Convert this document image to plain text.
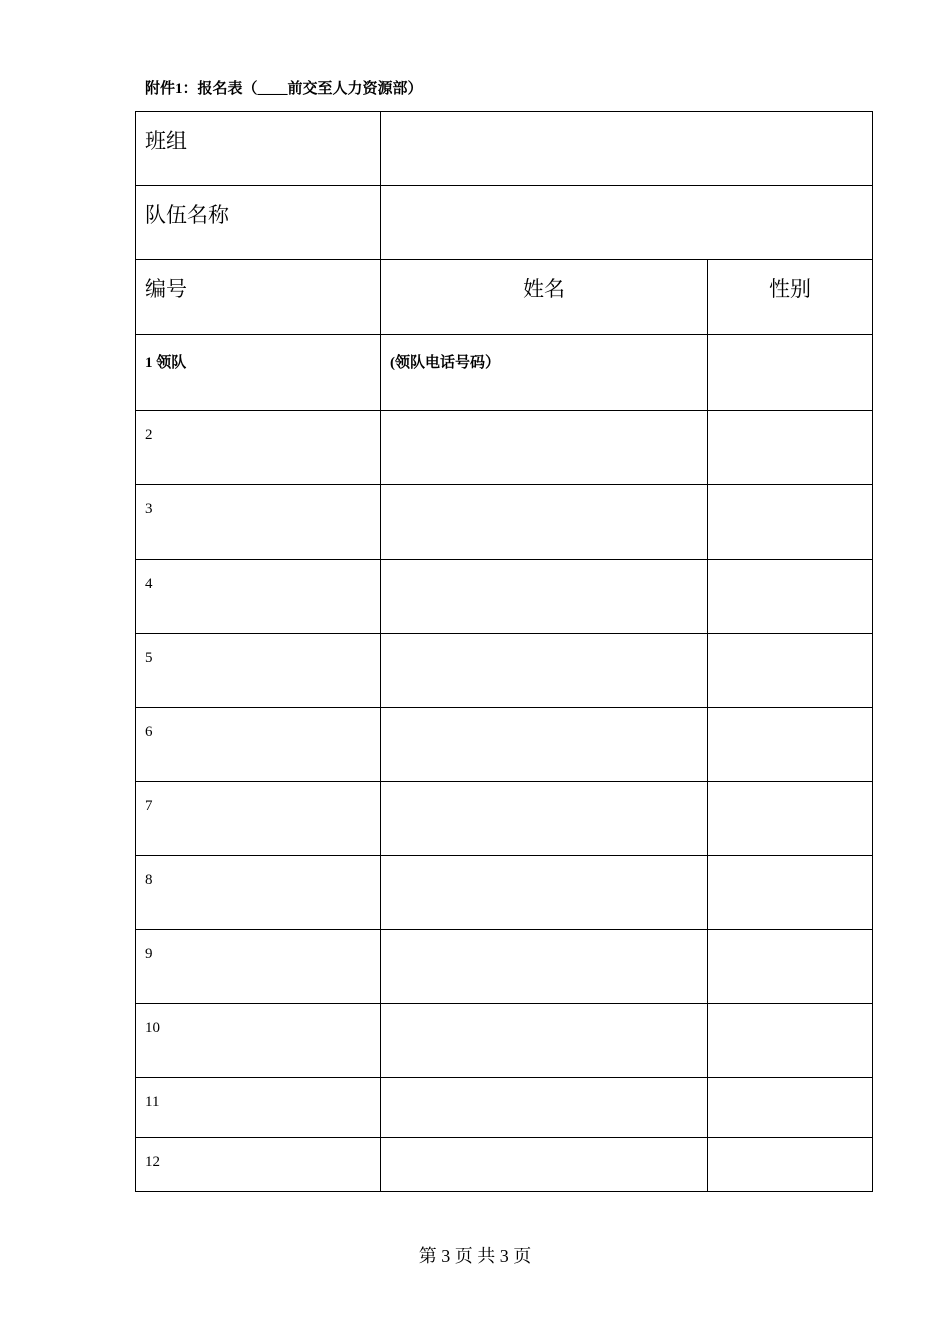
附件1：报名表（____前交至人力资源部）
班组		
队伍名称		
编号	姓名	性别
1 领队	(领队电话号码）	
2		
3		
4		
5		
6		
7		
8		
9		
10		
11		
12		
第 3 页 共 3 页
